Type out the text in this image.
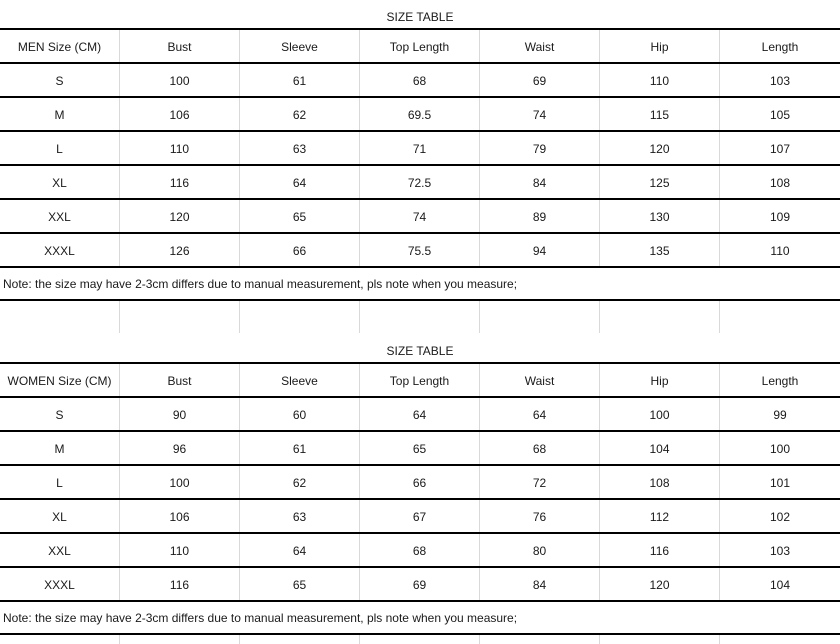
SIZE TABLE
MEN Size (CM)	Bust	Sleeve	Top Length	Waist	Hip	Length
S	100	61	68	69	110	103
M	106	62	69.5	74	115	105
L	110	63	71	79	120	107
XL	116	64	72.5	84	125	108
XXL	120	65	74	89	130	109
XXXL	126	66	75.5	94	135	110
Note: the size may have 2-3cm differs due to manual measurement, pls note when you measure;
SIZE TABLE
WOMEN Size (CM)	Bust	Sleeve	Top Length	Waist	Hip	Length
S	90	60	64	64	100	99
M	96	61	65	68	104	100
L	100	62	66	72	108	101
XL	106	63	67	76	112	102
XXL	110	64	68	80	116	103
XXXL	116	65	69	84	120	104
Note: the size may have 2-3cm differs due to manual measurement, pls note when you measure;
